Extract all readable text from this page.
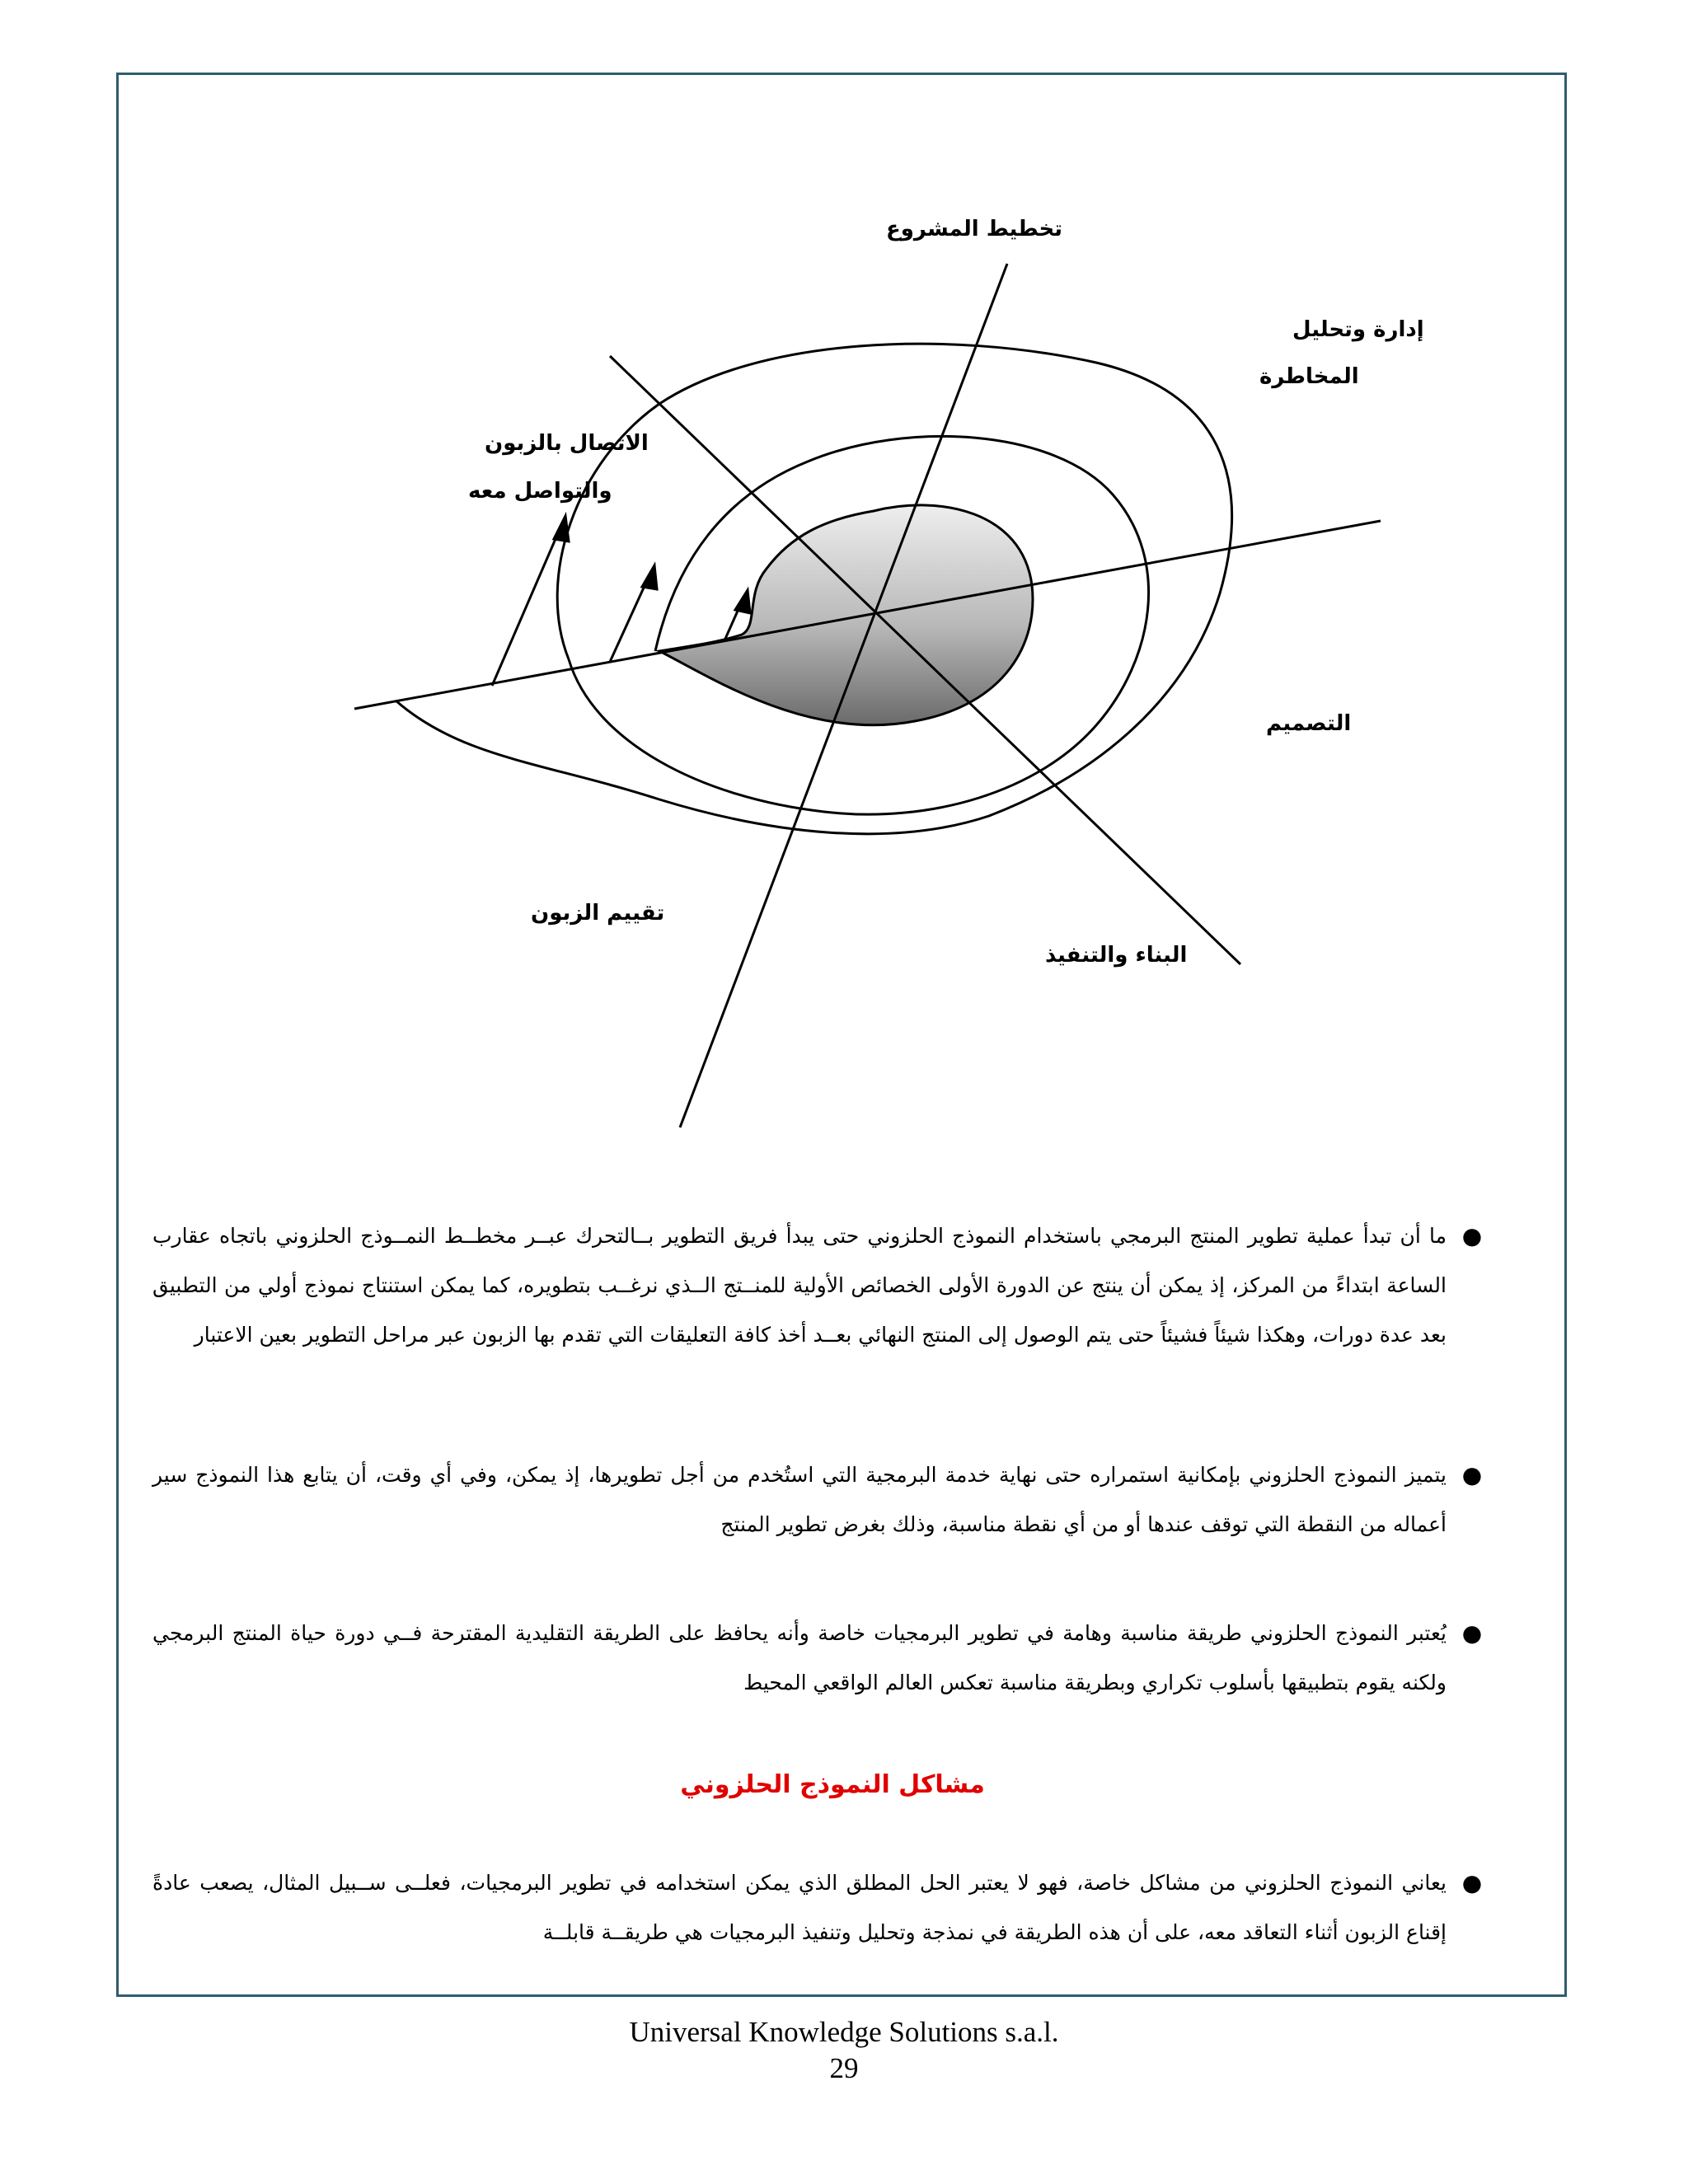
تخطيط المشروع
إدارة وتحليل
المخاطرة
الاتصال بالزبون
والتواصل معه
التصميم
تقييم الزبون
البناء والتنفيذ
●
ما أن تبدأ عملية تطوير المنتج البرمجي باستخدام النموذج الحلزوني حتى يبدأ فريق التطوير بــالتحرك عبــر مخطــط النمــوذج الحلزوني باتجاه عقارب الساعة ابتداءً من المركز، إذ يمكن أن ينتج عن الدورة الأولى الخصائص الأولية للمنــتج الــذي نرغــب بتطويره، كما يمكن استنتاج نموذج أولي من التطبيق بعد عدة دورات، وهكذا شيئاً فشيئاً حتى يتم الوصول إلى المنتج النهائي بعــد أخذ كافة التعليقات التي تقدم بها الزبون عبر مراحل التطوير بعين الاعتبار
●
يتميز النموذج الحلزوني بإمكانية استمراره حتى نهاية خدمة البرمجية التي استُخدم من أجل تطويرها، إذ يمكن، وفي أي وقت، أن يتابع هذا النموذج سير أعماله من النقطة التي توقف عندها أو من أي نقطة مناسبة، وذلك بغرض تطوير المنتج
●
يُعتبر النموذج الحلزوني طريقة مناسبة وهامة في تطوير البرمجيات خاصة وأنه يحافظ على الطريقة التقليدية المقترحة فــي دورة حياة المنتج البرمجي ولكنه يقوم بتطبيقها بأسلوب تكراري وبطريقة مناسبة تعكس العالم الواقعي المحيط
مشاكل النموذج الحلزوني
●
يعاني النموذج الحلزوني من مشاكل خاصة، فهو لا يعتبر الحل المطلق الذي يمكن استخدامه في تطوير البرمجيات، فعلــى ســبيل المثال، يصعب عادةً إقناع الزبون أثناء التعاقد معه، على أن هذه الطريقة في نمذجة وتحليل وتنفيذ البرمجيات هي طريقــة قابلــة
Universal Knowledge Solutions s.a.l.
29
